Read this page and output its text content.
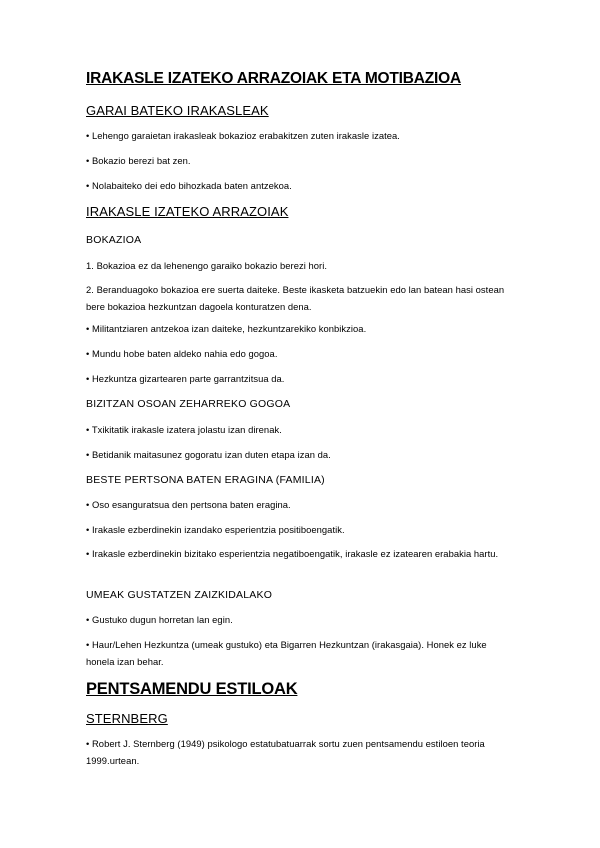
IRAKASLE IZATEKO ARRAZOIAK ETA MOTIBAZIOA
GARAI BATEKO IRAKASLEAK
• Lehengo garaietan irakasleak bokazioz erabakitzen zuten irakasle izatea.
• Bokazio berezi bat zen.
• Nolabaiteko dei edo bihozkada baten antzekoa.
IRAKASLE IZATEKO ARRAZOIAK
BOKAZIOA
1. Bokazioa ez da lehenengo garaiko bokazio berezi hori.
2. Beranduagoko bokazioa ere suerta daiteke. Beste ikasketa batzuekin edo lan batean hasi ostean bere bokazioa hezkuntzan dagoela konturatzen dena.
• Militantziaren antzekoa izan daiteke, hezkuntzarekiko konbikzioa.
• Mundu hobe baten aldeko nahia edo gogoa.
• Hezkuntza gizartearen parte garrantzitsua da.
BIZITZAN OSOAN ZEHARREKO GOGOA
• Txikitatik irakasle izatera jolastu izan direnak.
• Betidanik maitasunez gogoratu izan duten etapa izan da.
BESTE PERTSONA BATEN ERAGINA (FAMILIA)
• Oso esanguratsua den pertsona baten eragina.
• Irakasle ezberdinekin izandako esperientzia positiboengatik.
• Irakasle ezberdinekin bizitako esperientzia negatiboengatik, irakasle ez izatearen erabakia hartu.
UMEAK GUSTATZEN ZAIZKIDALAKO
• Gustuko dugun horretan lan egin.
• Haur/Lehen Hezkuntza (umeak gustuko) eta Bigarren Hezkuntzan (irakasgaia). Honek ez luke honela izan behar.
PENTSAMENDU ESTILOAK
STERNBERG
• Robert J. Sternberg (1949) psikologo estatubatuarrak sortu zuen pentsamendu estiloen teoria 1999.urtean.
